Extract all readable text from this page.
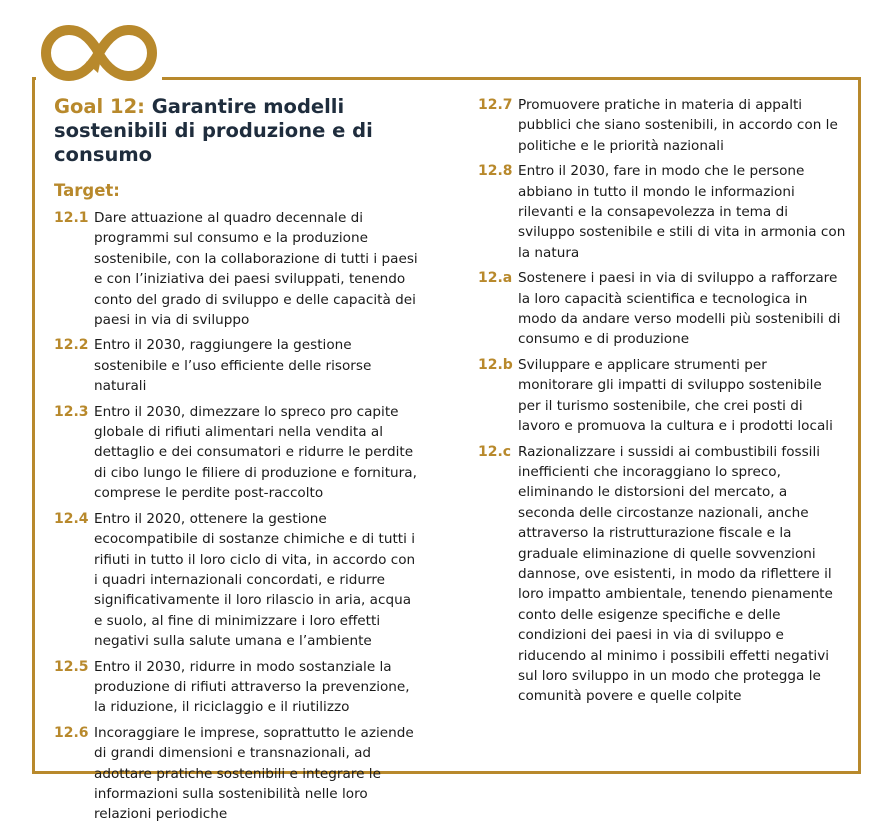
Goal 12: Garantire modelli sostenibili di produzione e di consumo
Target:
12.1 Dare attuazione al quadro decennale di programmi sul consumo e la produzione sostenibile, con la collaborazione di tutti i paesi e con l’iniziativa dei paesi sviluppati, tenendo conto del grado di sviluppo e delle capacità dei paesi in via di sviluppo
12.2 Entro il 2030, raggiungere la gestione sostenibile e l’uso efficiente delle risorse naturali
12.3 Entro il 2030, dimezzare lo spreco pro capite globale di rifiuti alimentari nella vendita al dettaglio e dei consumatori e ridurre le perdite di cibo lungo le filiere di produzione e fornitura, comprese le perdite post-raccolto
12.4 Entro il 2020, ottenere la gestione ecocompatibile di sostanze chimiche e di tutti i rifiuti in tutto il loro ciclo di vita, in accordo con i quadri internazionali concordati, e ridurre significativamente il loro rilascio in aria, acqua e suolo, al fine di minimizzare i loro effetti negativi sulla salute umana e l’ambiente
12.5 Entro il 2030, ridurre in modo sostanziale la produzione di rifiuti attraverso la prevenzione, la riduzione, il riciclaggio e il riutilizzo
12.6 Incoraggiare le imprese, soprattutto le aziende di grandi dimensioni e transnazionali, ad adottare pratiche sostenibili e integrare le informazioni sulla sostenibilità nelle loro relazioni periodiche
12.7 Promuovere pratiche in materia di appalti pubblici che siano sostenibili, in accordo con le politiche e le priorità nazionali
12.8 Entro il 2030, fare in modo che le persone abbiano in tutto il mondo le informazioni rilevanti e la consapevolezza in tema di sviluppo sostenibile e stili di vita in armonia con la natura
12.a Sostenere i paesi in via di sviluppo a rafforzare la loro capacità scientifica e tecnologica in modo da andare verso modelli più sostenibili di consumo e di produzione
12.b Sviluppare e applicare strumenti per monitorare gli impatti di sviluppo sostenibile per il turismo sostenibile, che crei posti di lavoro e promuova la cultura e i prodotti locali
12.c Razionalizzare i sussidi ai combustibili fossili inefficienti che incoraggiano lo spreco, eliminando le distorsioni del mercato, a seconda delle circostanze nazionali, anche attraverso la ristrutturazione fiscale e la graduale eliminazione di quelle sovvenzioni dannose, ove esistenti, in modo da riflettere il loro impatto ambientale, tenendo pienamente conto delle esigenze specifiche e delle condizioni dei paesi in via di sviluppo e riducendo al minimo i possibili effetti negativi sul loro sviluppo in un modo che protegga le comunità povere e quelle colpite
